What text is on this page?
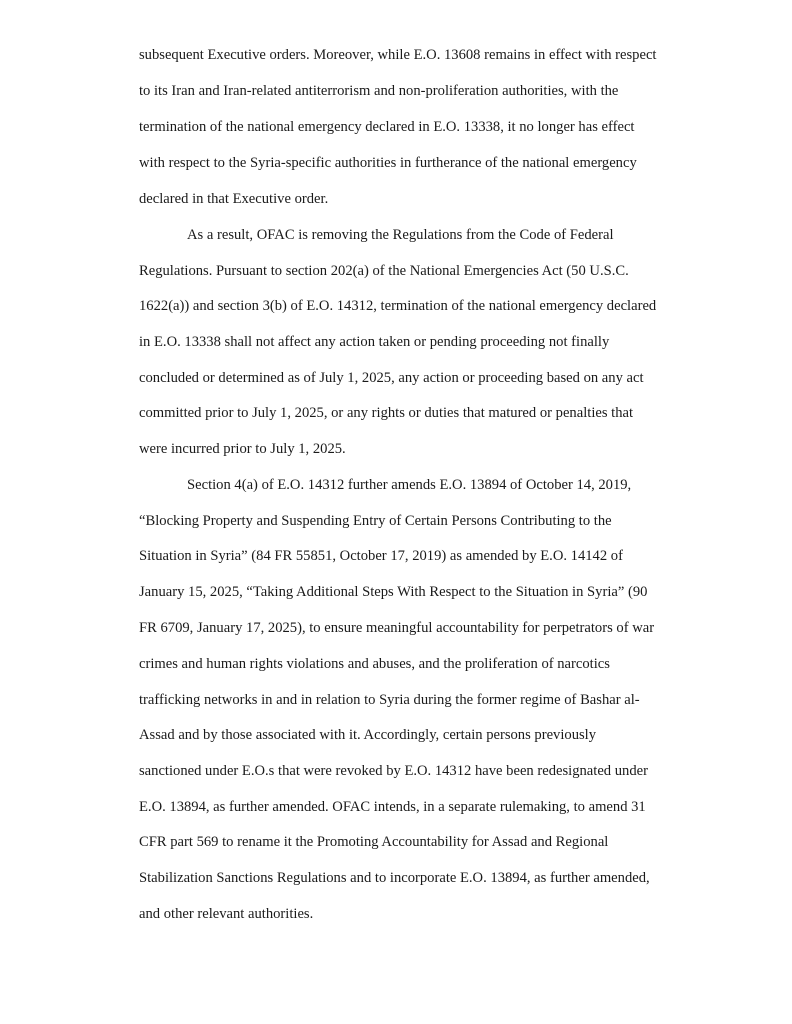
subsequent Executive orders. Moreover, while E.O. 13608 remains in effect with respect
to its Iran and Iran-related antiterrorism and non-proliferation authorities, with the
termination of the national emergency declared in E.O. 13338, it no longer has effect
with respect to the Syria-specific authorities in furtherance of the national emergency
declared in that Executive order.
As a result, OFAC is removing the Regulations from the Code of Federal
Regulations. Pursuant to section 202(a) of the National Emergencies Act (50 U.S.C.
1622(a)) and section 3(b) of E.O. 14312, termination of the national emergency declared
in E.O. 13338 shall not affect any action taken or pending proceeding not finally
concluded or determined as of July 1, 2025, any action or proceeding based on any act
committed prior to July 1, 2025, or any rights or duties that matured or penalties that
were incurred prior to July 1, 2025.
Section 4(a) of E.O. 14312 further amends E.O. 13894 of October 14, 2019,
“Blocking Property and Suspending Entry of Certain Persons Contributing to the
Situation in Syria” (84 FR 55851, October 17, 2019) as amended by E.O. 14142 of
January 15, 2025, “Taking Additional Steps With Respect to the Situation in Syria” (90
FR 6709, January 17, 2025), to ensure meaningful accountability for perpetrators of war
crimes and human rights violations and abuses, and the proliferation of narcotics
trafficking networks in and in relation to Syria during the former regime of Bashar al-
Assad and by those associated with it. Accordingly, certain persons previously
sanctioned under E.O.s that were revoked by E.O. 14312 have been redesignated under
E.O. 13894, as further amended. OFAC intends, in a separate rulemaking, to amend 31
CFR part 569 to rename it the Promoting Accountability for Assad and Regional
Stabilization Sanctions Regulations and to incorporate E.O. 13894, as further amended,
and other relevant authorities.
